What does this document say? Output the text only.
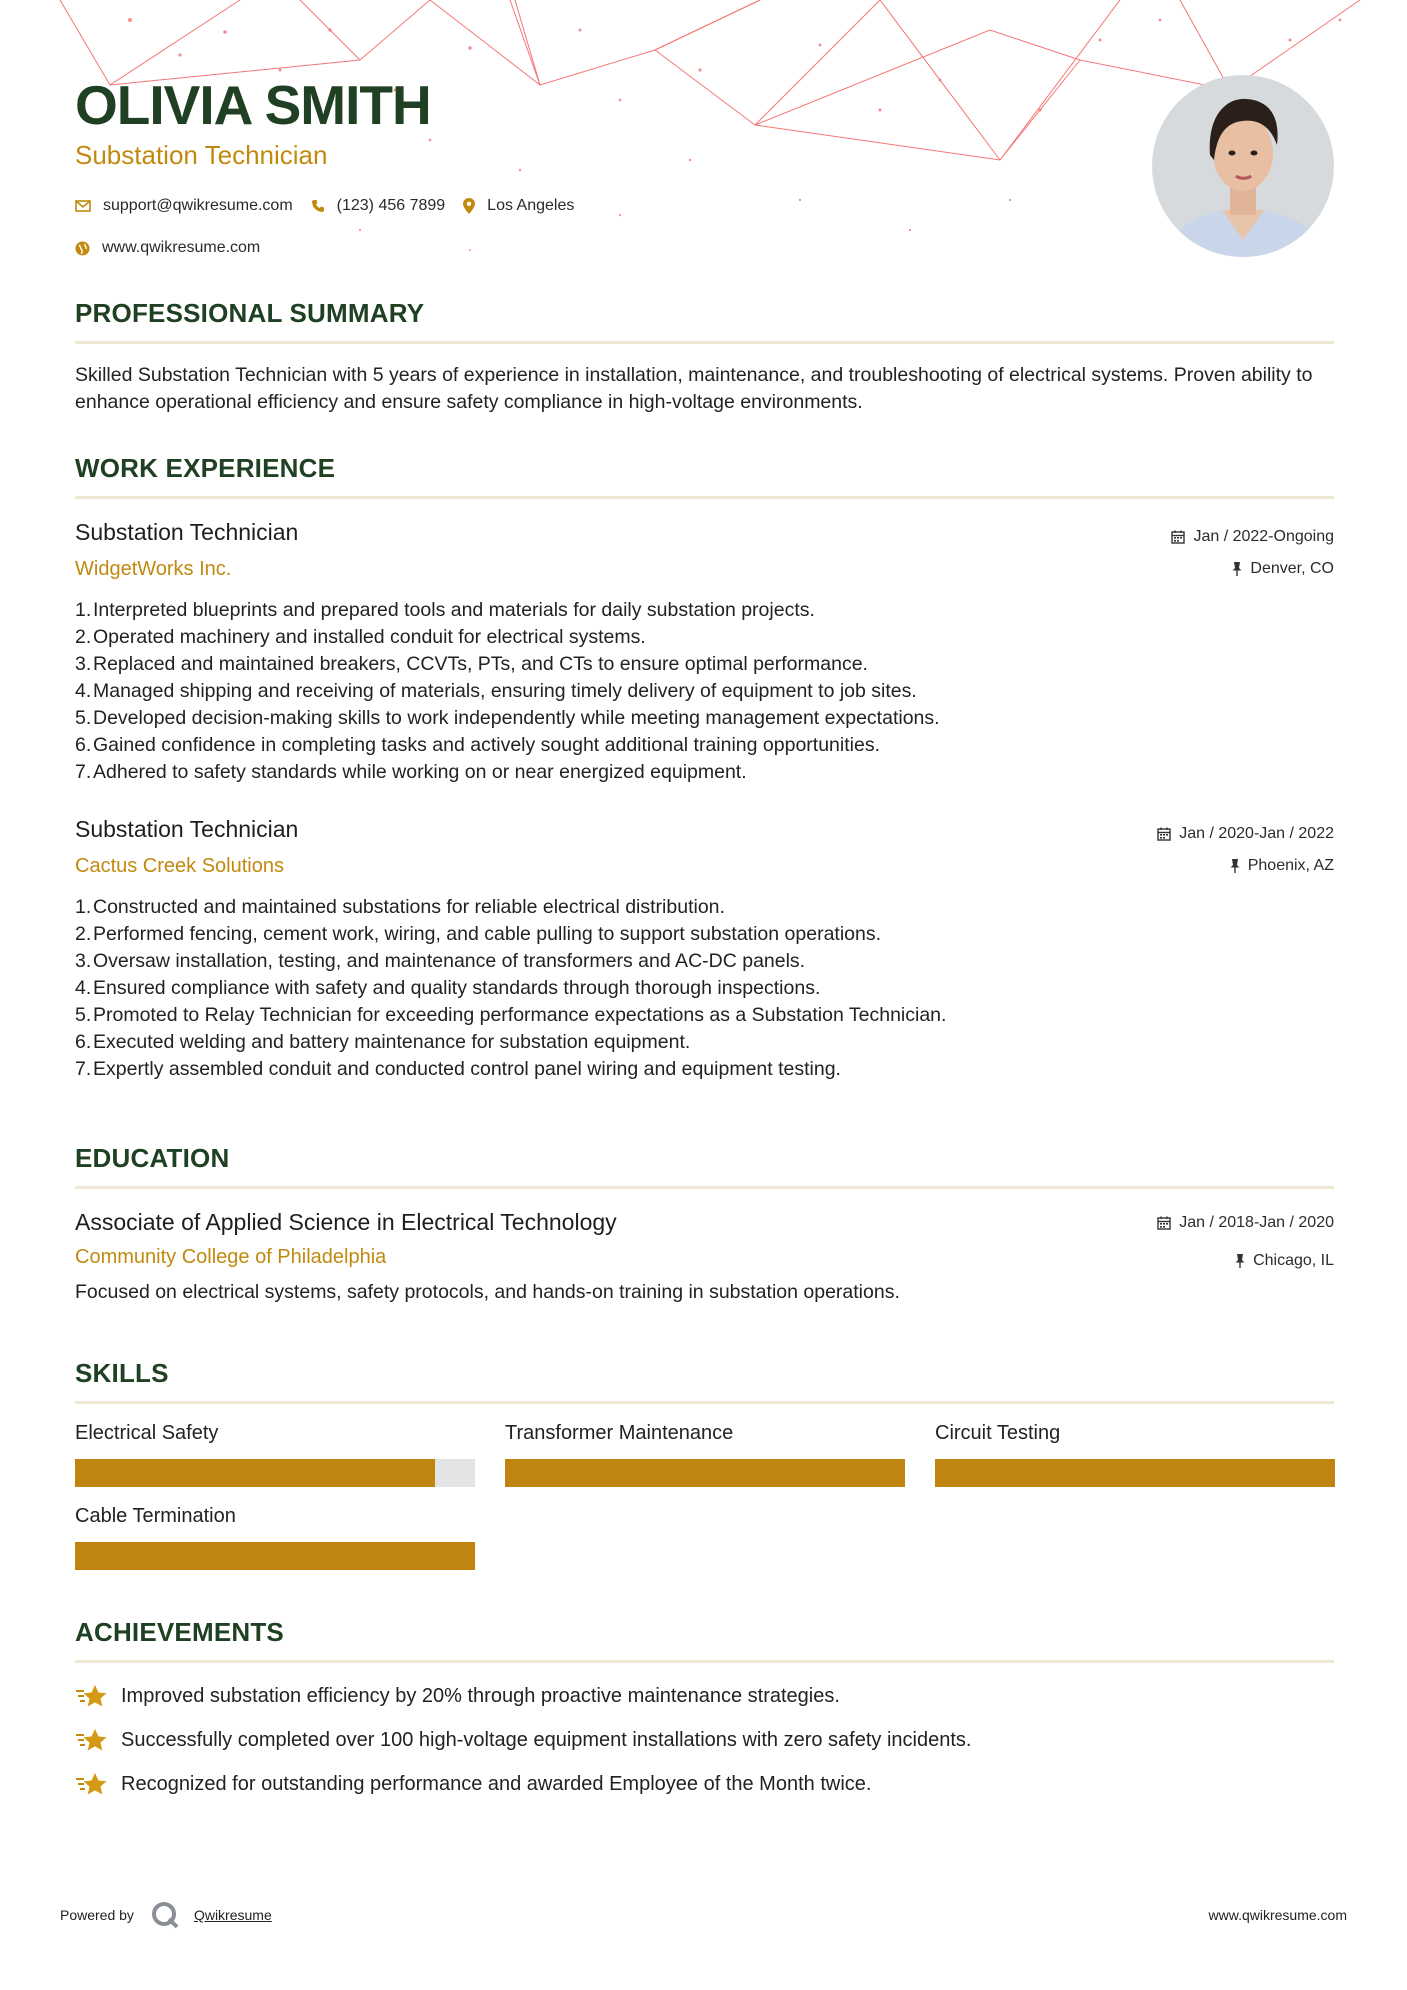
OLIVIA SMITH
Substation Technician
support@qwikresume.com	(123) 456 7899	Los Angeles
www.qwikresume.com
PROFESSIONAL SUMMARY
Skilled Substation Technician with 5 years of experience in installation, maintenance, and troubleshooting of electrical systems. Proven ability to enhance operational efficiency and ensure safety compliance in high-voltage environments.
WORK EXPERIENCE
Substation Technician
WidgetWorks Inc.
Jan / 2022-Ongoing
Denver, CO
1. Interpreted blueprints and prepared tools and materials for daily substation projects.
2. Operated machinery and installed conduit for electrical systems.
3. Replaced and maintained breakers, CCVTs, PTs, and CTs to ensure optimal performance.
4. Managed shipping and receiving of materials, ensuring timely delivery of equipment to job sites.
5. Developed decision-making skills to work independently while meeting management expectations.
6. Gained confidence in completing tasks and actively sought additional training opportunities.
7. Adhered to safety standards while working on or near energized equipment.
Substation Technician
Cactus Creek Solutions
Jan / 2020-Jan / 2022
Phoenix, AZ
1. Constructed and maintained substations for reliable electrical distribution.
2. Performed fencing, cement work, wiring, and cable pulling to support substation operations.
3. Oversaw installation, testing, and maintenance of transformers and AC-DC panels.
4. Ensured compliance with safety and quality standards through thorough inspections.
5. Promoted to Relay Technician for exceeding performance expectations as a Substation Technician.
6. Executed welding and battery maintenance for substation equipment.
7. Expertly assembled conduit and conducted control panel wiring and equipment testing.
EDUCATION
Associate of Applied Science in Electrical Technology
Community College of Philadelphia
Jan / 2018-Jan / 2020
Chicago, IL
Focused on electrical systems, safety protocols, and hands-on training in substation operations.
SKILLS
Electrical Safety	Transformer Maintenance	Circuit Testing
Cable Termination
ACHIEVEMENTS
Improved substation efficiency by 20% through proactive maintenance strategies.
Successfully completed over 100 high-voltage equipment installations with zero safety incidents.
Recognized for outstanding performance and awarded Employee of the Month twice.
Powered by	Qwikresume	www.qwikresume.com
